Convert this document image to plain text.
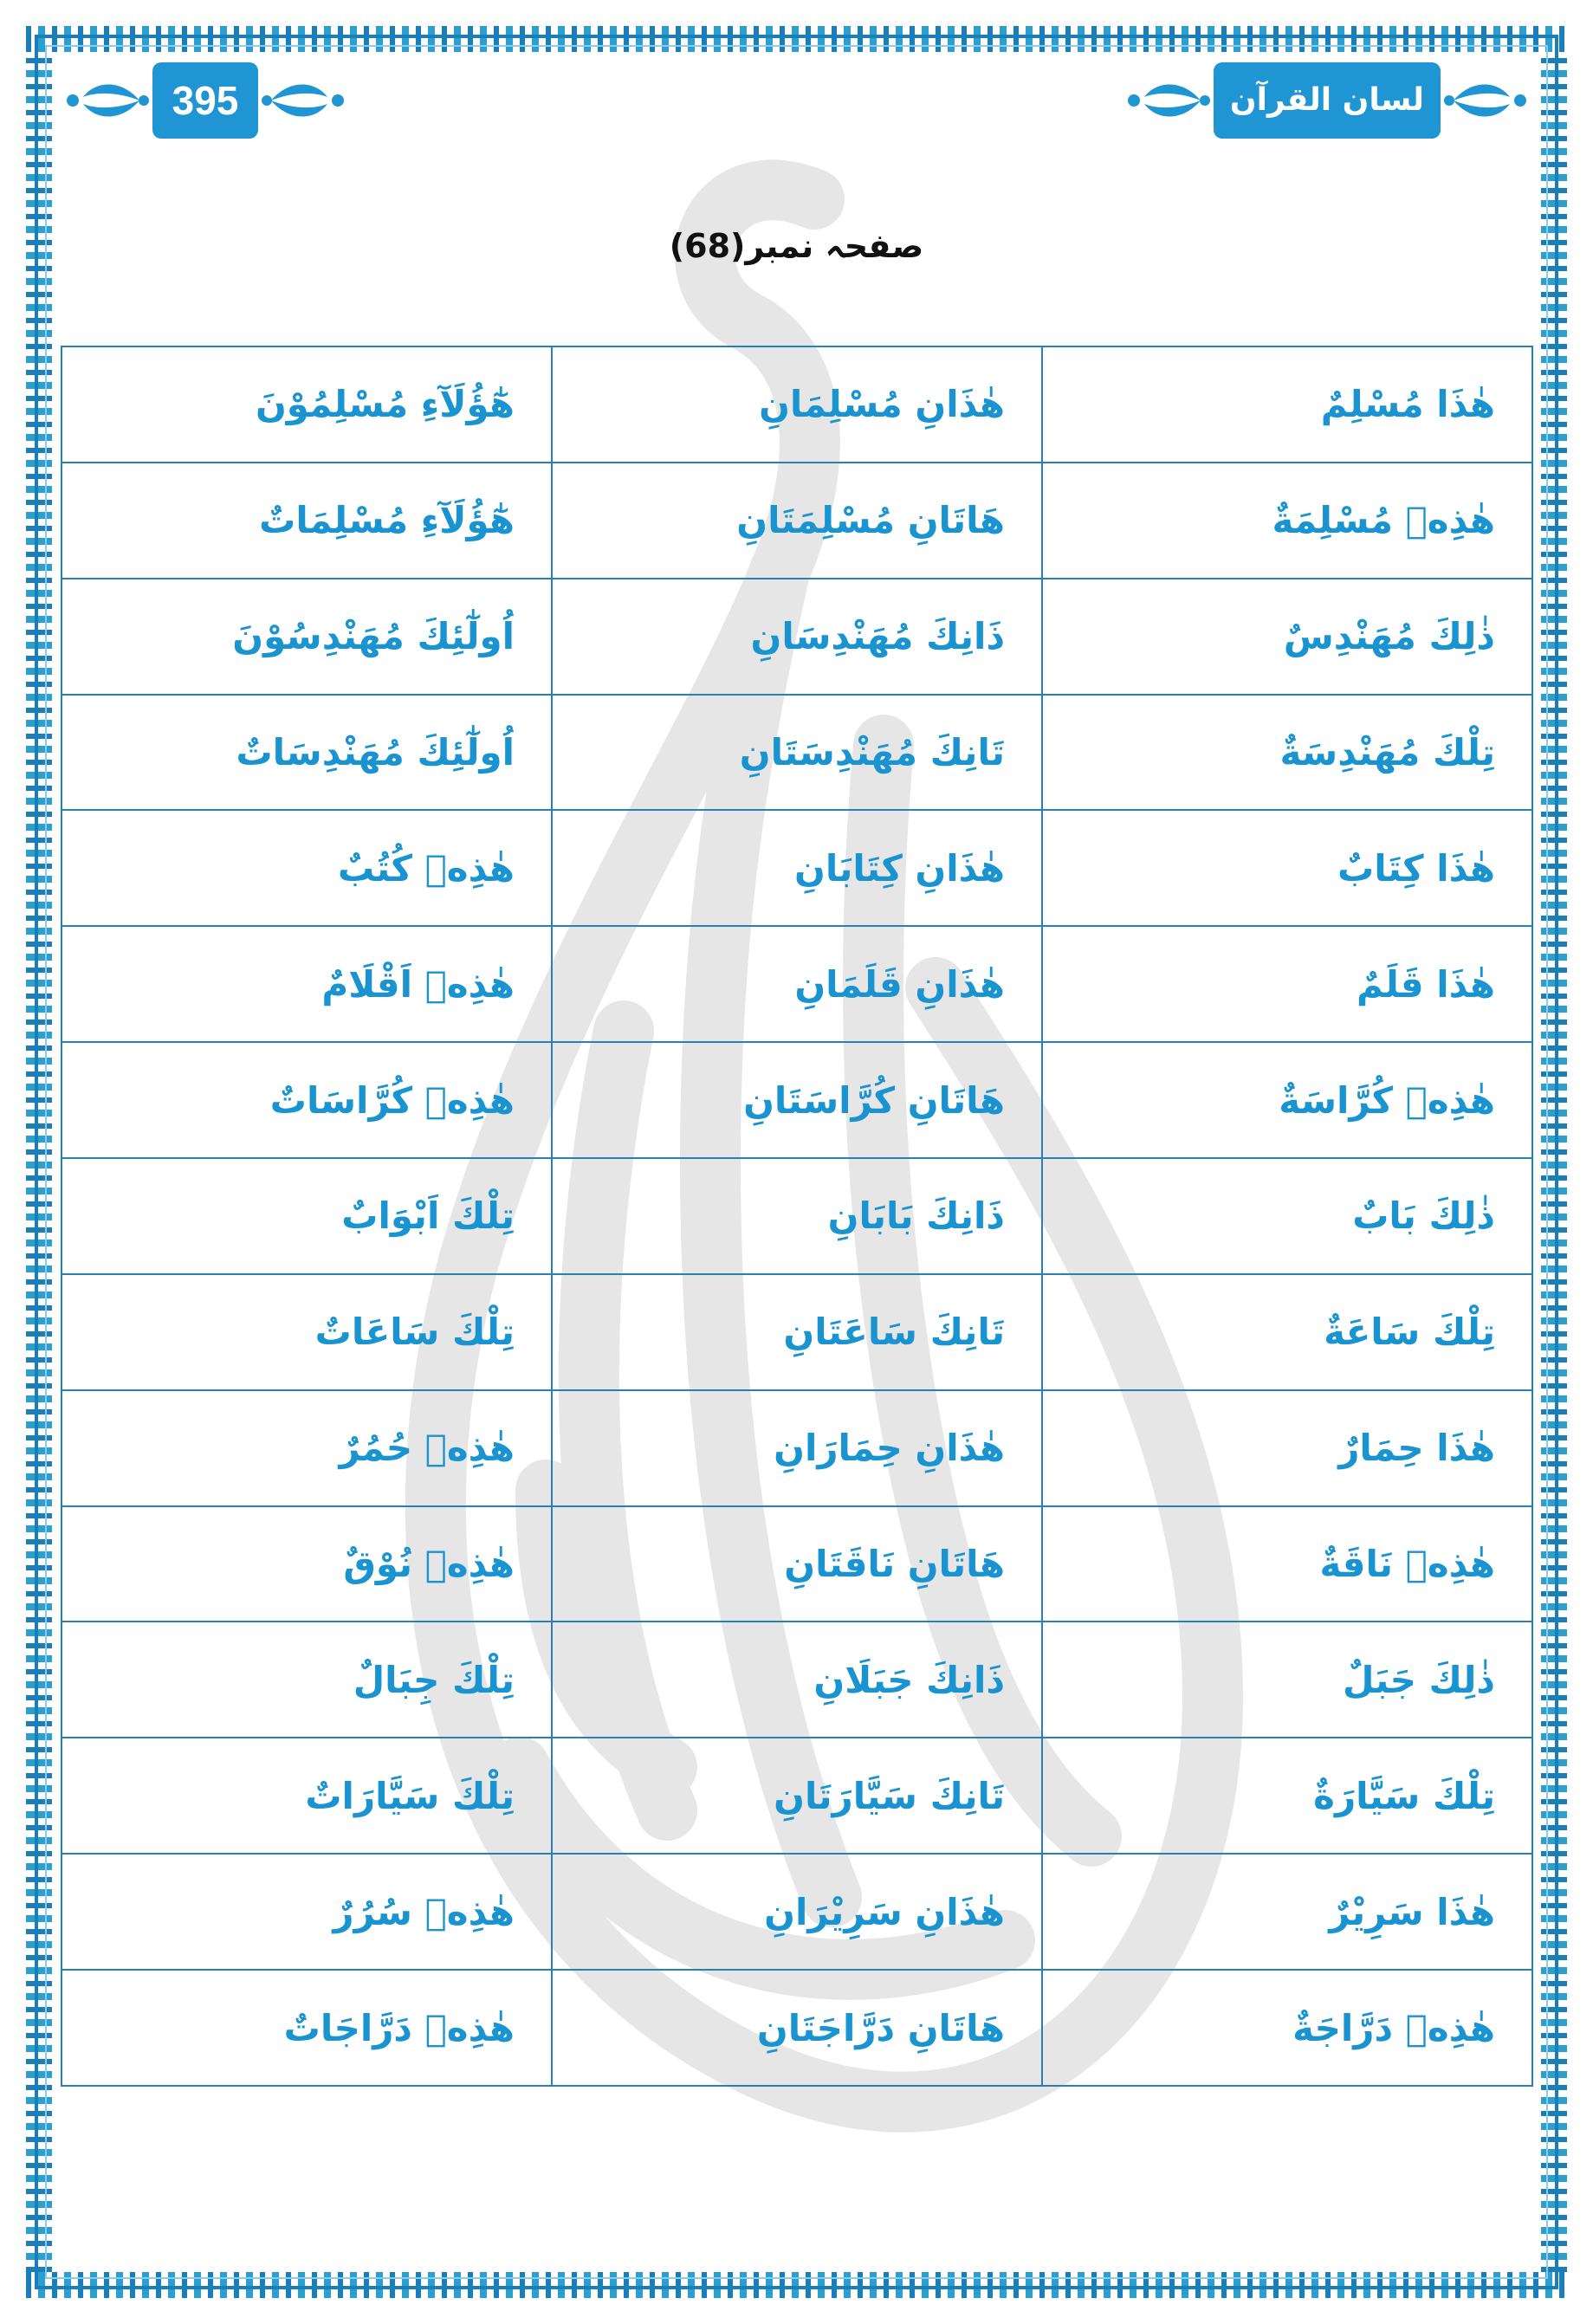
395	لسان القرآن
صفحہ نمبر(68)
هٰذَا مُسْلِمٌ	هٰذَانِ مُسْلِمَانِ	هٰٓؤُلَآءِ مُسْلِمُوْنَ
هٰذِهٖ مُسْلِمَةٌ	هَاتَانِ مُسْلِمَتَانِ	هٰٓؤُلَآءِ مُسْلِمَاتٌ
ذٰلِكَ مُهَنْدِسٌ	ذَانِكَ مُهَنْدِسَانِ	اُولٰٓئِكَ مُهَنْدِسُوْنَ
تِلْكَ مُهَنْدِسَةٌ	تَانِكَ مُهَنْدِسَتَانِ	اُولٰٓئِكَ مُهَنْدِسَاتٌ
هٰذَا كِتَابٌ	هٰذَانِ كِتَابَانِ	هٰذِهٖ كُتُبٌ
هٰذَا قَلَمٌ	هٰذَانِ قَلَمَانِ	هٰذِهٖ اَقْلَامٌ
هٰذِهٖ كُرَّاسَةٌ	هَاتَانِ كُرَّاسَتَانِ	هٰذِهٖ كُرَّاسَاتٌ
ذٰلِكَ بَابٌ	ذَانِكَ بَابَانِ	تِلْكَ اَبْوَابٌ
تِلْكَ سَاعَةٌ	تَانِكَ سَاعَتَانِ	تِلْكَ سَاعَاتٌ
هٰذَا حِمَارٌ	هٰذَانِ حِمَارَانِ	هٰذِهٖ حُمُرٌ
هٰذِهٖ نَاقَةٌ	هَاتَانِ نَاقَتَانِ	هٰذِهٖ نُوْقٌ
ذٰلِكَ جَبَلٌ	ذَانِكَ جَبَلَانِ	تِلْكَ جِبَالٌ
تِلْكَ سَيَّارَةٌ	تَانِكَ سَيَّارَتَانِ	تِلْكَ سَيَّارَاتٌ
هٰذَا سَرِيْرٌ	هٰذَانِ سَرِيْرَانِ	هٰذِهٖ سُرُرٌ
هٰذِهٖ دَرَّاجَةٌ	هَاتَانِ دَرَّاجَتَانِ	هٰذِهٖ دَرَّاجَاتٌ
